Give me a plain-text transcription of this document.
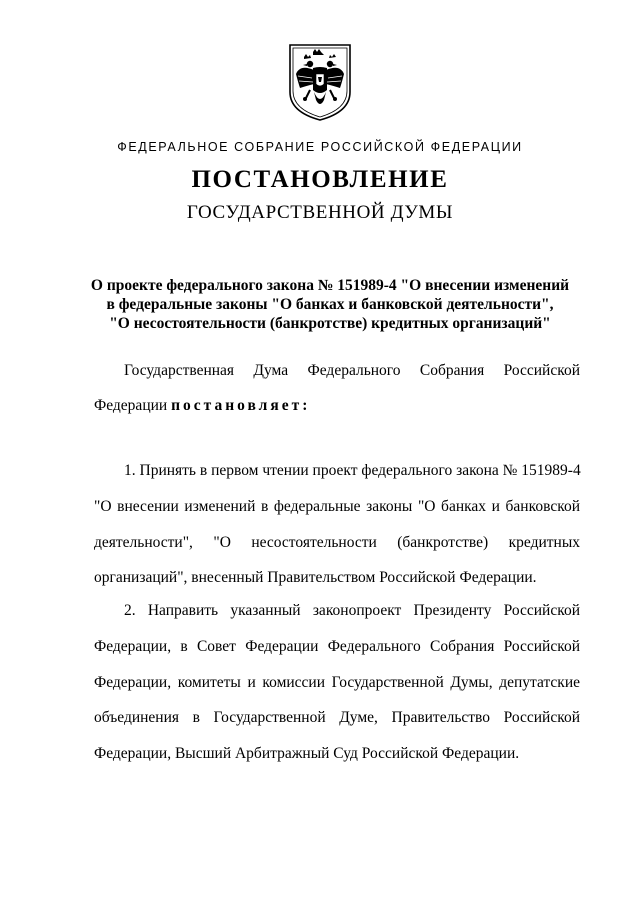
ФЕДЕРАЛЬНОЕ СОБРАНИЕ РОССИЙСКОЙ ФЕДЕРАЦИИ
ПОСТАНОВЛЕНИЕ
ГОСУДАРСТВЕННОЙ ДУМЫ
О проекте федерального закона № 151989-4 "О внесении изменений
в федеральные законы "О банках и банковской деятельности",
"О несостоятельности (банкротстве) кредитных организаций"
Государственная Дума Федерального Собрания Российской
Федерации постановляет:
1. Принять в первом чтении проект федерального закона № 151989-4
"О внесении изменений в федеральные законы "О банках и банковской
деятельности", "О несостоятельности (банкротстве) кредитных
организаций", внесенный Правительством Российской Федерации.
2. Направить указанный законопроект Президенту Российской
Федерации, в Совет Федерации Федерального Собрания Российской
Федерации, комитеты и комиссии Государственной Думы, депутатские
объединения в Государственной Думе, Правительство Российской
Федерации, Высший Арбитражный Суд Российской Федерации.
